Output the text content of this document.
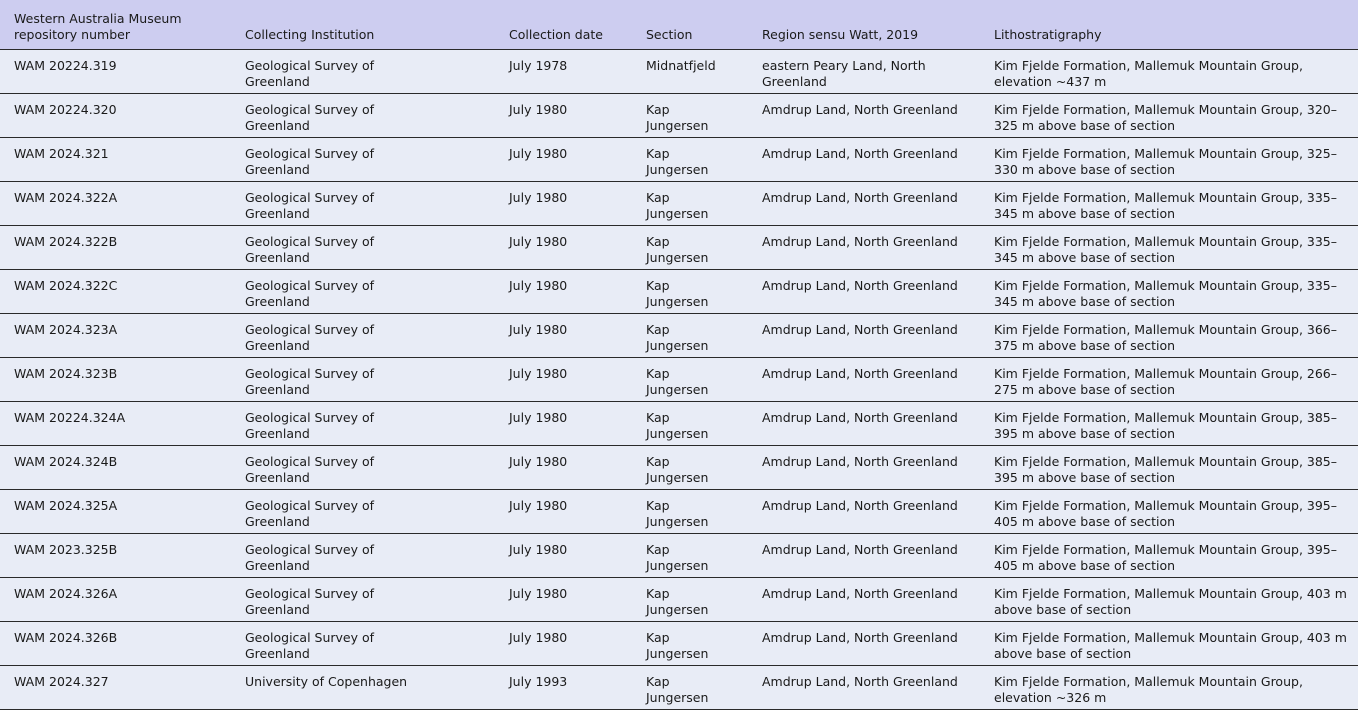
Western Australia Museum repository number	Collecting Institution	Collection date	Section	Region sensu Watt, 2019	Lithostratigraphy
WAM 20224.319	Geological Survey of Greenland	July 1978	Midnatfjeld	eastern Peary Land, North Greenland	Kim Fjelde Formation, Mallemuk Mountain Group, elevation ~437 m
WAM 20224.320	Geological Survey of Greenland	July 1980	Kap Jungersen	Amdrup Land, North Greenland	Kim Fjelde Formation, Mallemuk Mountain Group, 320–325 m above base of section
WAM 2024.321	Geological Survey of Greenland	July 1980	Kap Jungersen	Amdrup Land, North Greenland	Kim Fjelde Formation, Mallemuk Mountain Group, 325–330 m above base of section
WAM 2024.322A	Geological Survey of Greenland	July 1980	Kap Jungersen	Amdrup Land, North Greenland	Kim Fjelde Formation, Mallemuk Mountain Group, 335–345 m above base of section
WAM 2024.322B	Geological Survey of Greenland	July 1980	Kap Jungersen	Amdrup Land, North Greenland	Kim Fjelde Formation, Mallemuk Mountain Group, 335–345 m above base of section
WAM 2024.322C	Geological Survey of Greenland	July 1980	Kap Jungersen	Amdrup Land, North Greenland	Kim Fjelde Formation, Mallemuk Mountain Group, 335–345 m above base of section
WAM 2024.323A	Geological Survey of Greenland	July 1980	Kap Jungersen	Amdrup Land, North Greenland	Kim Fjelde Formation, Mallemuk Mountain Group, 366–375 m above base of section
WAM 2024.323B	Geological Survey of Greenland	July 1980	Kap Jungersen	Amdrup Land, North Greenland	Kim Fjelde Formation, Mallemuk Mountain Group, 266–275 m above base of section
WAM 20224.324A	Geological Survey of Greenland	July 1980	Kap Jungersen	Amdrup Land, North Greenland	Kim Fjelde Formation, Mallemuk Mountain Group, 385–395 m above base of section
WAM 2024.324B	Geological Survey of Greenland	July 1980	Kap Jungersen	Amdrup Land, North Greenland	Kim Fjelde Formation, Mallemuk Mountain Group, 385–395 m above base of section
WAM 2024.325A	Geological Survey of Greenland	July 1980	Kap Jungersen	Amdrup Land, North Greenland	Kim Fjelde Formation, Mallemuk Mountain Group, 395–405 m above base of section
WAM 2023.325B	Geological Survey of Greenland	July 1980	Kap Jungersen	Amdrup Land, North Greenland	Kim Fjelde Formation, Mallemuk Mountain Group, 395–405 m above base of section
WAM 2024.326A	Geological Survey of Greenland	July 1980	Kap Jungersen	Amdrup Land, North Greenland	Kim Fjelde Formation, Mallemuk Mountain Group, 403 m above base of section
WAM 2024.326B	Geological Survey of Greenland	July 1980	Kap Jungersen	Amdrup Land, North Greenland	Kim Fjelde Formation, Mallemuk Mountain Group, 403 m above base of section
WAM 2024.327	University of Copenhagen	July 1993	Kap Jungersen	Amdrup Land, North Greenland	Kim Fjelde Formation, Mallemuk Mountain Group, elevation ~326 m
